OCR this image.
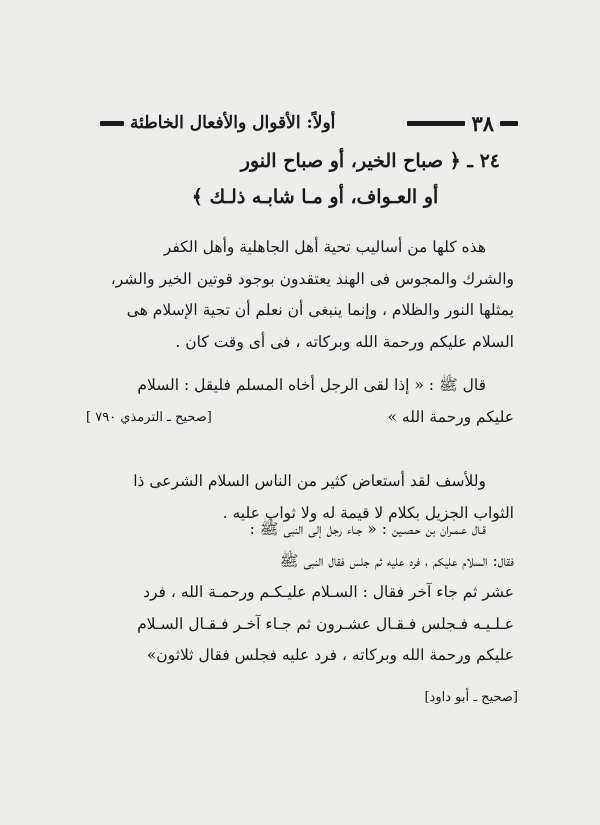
٣٨
أولاً: الأقوال والأفعال الخاطئة
٢٤ ـ ﴿ صباح الخير، أو صباح النور
أو العـواف، أو مـا شابـه ذلـك ﴾

هذه كلها من أساليب تحية أهل الجاهلية وأهل الكفر

والشرك والمجوس فى الهند يعتقدون بوجود قوتين الخير والشر،

يمثلها النور والظلام ، وإنما ينبغى أن نعلم أن تحية الإسلام هى

السلام عليكم ورحمة الله وبركاته ، فى أى وقت كان .

قال ﷺ : « إذا لقى الرجل أخاه المسلم فليقل : السلام

عليكم ورحمة الله »
[صحيح ـ الترمذي ٧٩٠ ]

وللأسف لقد أستعاض كثير من الناس السلام الشرعى ذا

الثواب الجزيل بكلام لا قيمة له ولا ثواب عليه .

قـال عـمـران بن حـصـين : « جـاء رجل إلى النبى ﷺ :

فقال: السلام عليكم ، فرد عليه ثم جلس فقال النبى ﷺ

عشر ثم جاء آخر فقال : السـلام عليـكـم ورحمـة الله ، فرد

عـلـيـه فـجلس فـقـال عشـرون ثم جـاء آخـر فـقـال السـلام

عليكم ورحمة الله وبركاته ، فرد عليه فجلس فقال ثلاثون»

[صحيح ـ أبو داود]
